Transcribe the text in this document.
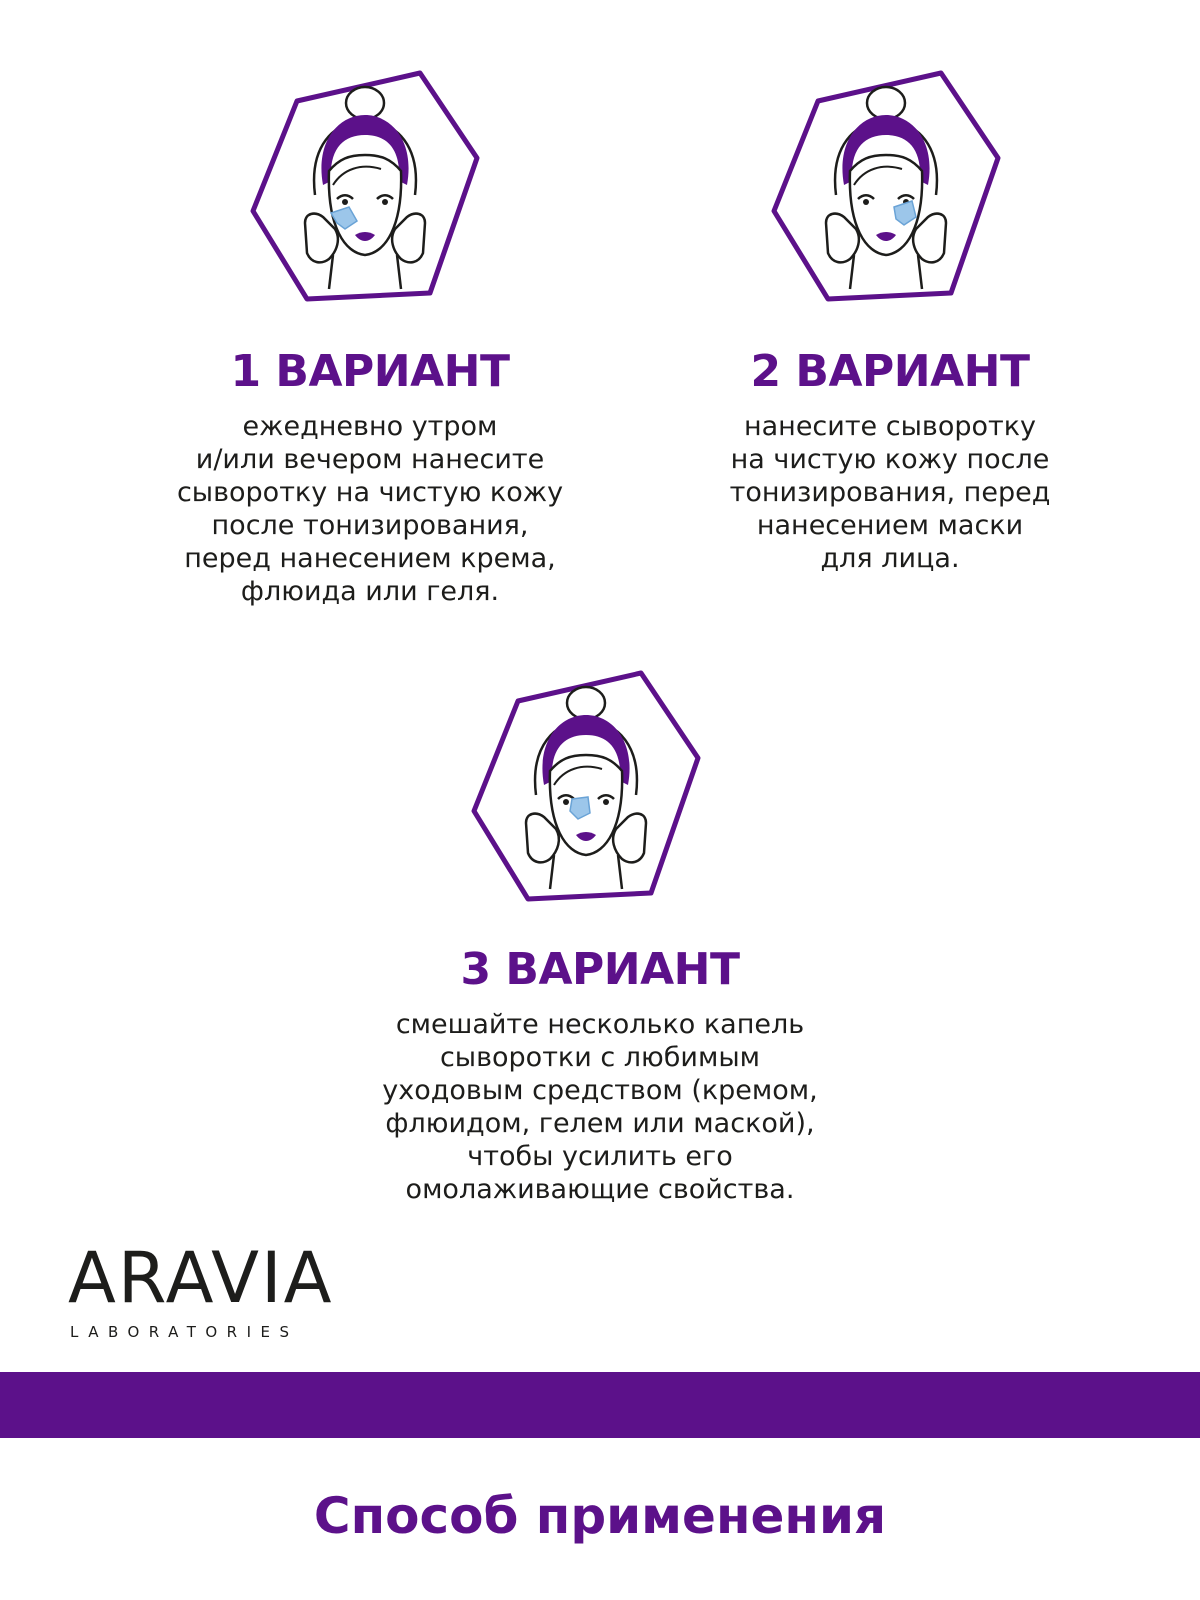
1 ВАРИАНТ

ежедневно утром
и/или вечером нанесите
сыворотку на чистую кожу
после тонизирования,
перед нанесением крема,
флюида или геля.

2 ВАРИАНТ

нанесите сыворотку
на чистую кожу после
тонизирования, перед
нанесением маски
для лица.

3 ВАРИАНТ

смешайте несколько капель
сыворотки с любимым
уходовым средством (кремом,
флюидом, гелем или маской),
чтобы усилить его
омолаживающие свойства.

ARAVIA
LABORATORIES
Способ применения
